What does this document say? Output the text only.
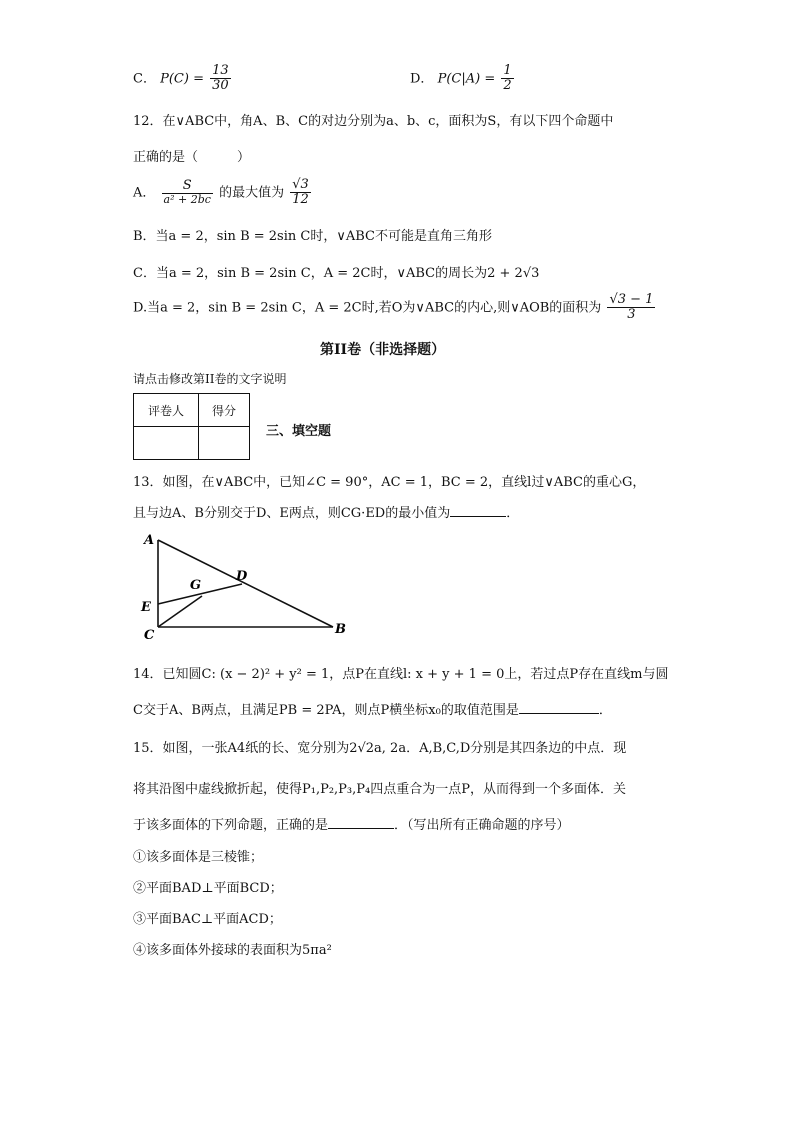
C． $P(C) = \frac{13}{30}$	D． $P(C|A) = \frac{1}{2}$
12．在∨ABC中，角A、B、C的对边分别为a、b、c，面积为S，有以下四个命题中
正确的是（　　　）
A． $\frac{S}{\text{a² + 2bc}}$ 的最大值为 $\frac{√3}{12}$
B．当a = 2，sin B = 2sin C时，∨ABC不可能是直角三角形
C．当a = 2，sin B = 2sin C，A = 2C时，∨ABC的周长为2 + 2√3
D.当a = 2，sin B = 2sin C，A = 2C时,若O为∨ABC的内心,则∨AOB的面积为 $\frac{√3 - 1}{3}$
第II卷（非选择题）
请点击修改第II卷的文字说明
评卷人	得分

三、填空题
13．如图，在∨ABC中，已知∠C = 90°，AC = 1，BC = 2，直线l过∨ABC的重心G，
且与边A、B分别交于D、E两点，则CG·ED的最小值为	．
A
D
G
E
C	B
14．已知圆C: (x − 2)² + y² = 1，点P在直线l: x + y + 1 = 0上，若过点P存在直线m与圆
C交于A、B两点，且满足PB = 2PA，则点P横坐标x₀的取值范围是	．
15．如图，一张A4纸的长、宽分别为2√2a, 2a．A,B,C,D分别是其四条边的中点．现
将其沿图中虚线掀折起，使得P₁,P₂,P₃,P₄四点重合为一点P，从而得到一个多面体．关
于该多面体的下列命题，正确的是	．（写出所有正确命题的序号）
①该多面体是三棱锥；
②平面BAD⊥平面BCD；
③平面BAC⊥平面ACD；
④该多面体外接球的表面积为5πa²
